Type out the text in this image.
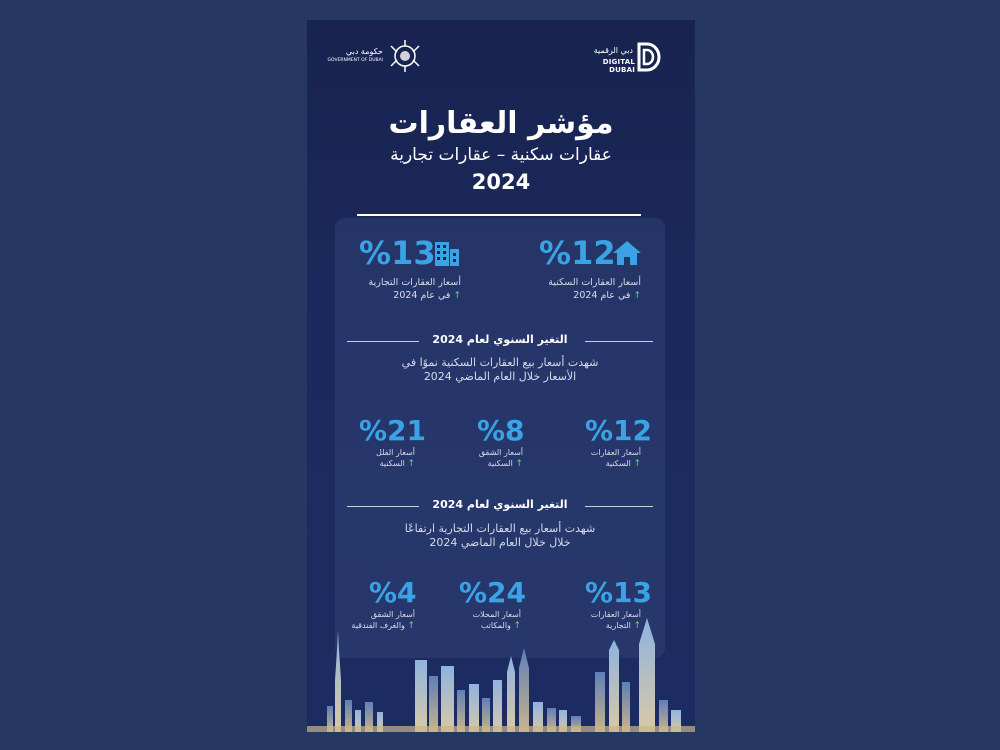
دبي الرقمية
DIGITAL DUBAI
حكومة دبي
GOVERNMENT OF DUBAI
مؤشر العقارات
عقارات سكنية – عقارات تجارية
2024
%12
أسعار العقارات السكنية
↑ في عام 2024
%13
أسعار العقارات التجارية
↑ في عام 2024
التغير السنوي لعام 2024
شهدت أسعار بيع العقارات السكنية نموًا في
الأسعار خلال العام الماضي 2024
%12
أسعار العقارات
↑ السكنية
%8
أسعار الشقق
↑ السكنية
%21
أسعار الفلل
↑ السكنية
التغير السنوي لعام 2024
شهدت أسعار بيع العقارات التجارية ارتفاعًا
خلال خلال العام الماضي 2024
%13
أسعار العقارات
↑ التجارية
%24
أسعار المحلات
↑ والمكاتب
%4
أسعار الشقق
↑ والغرف الفندقية
